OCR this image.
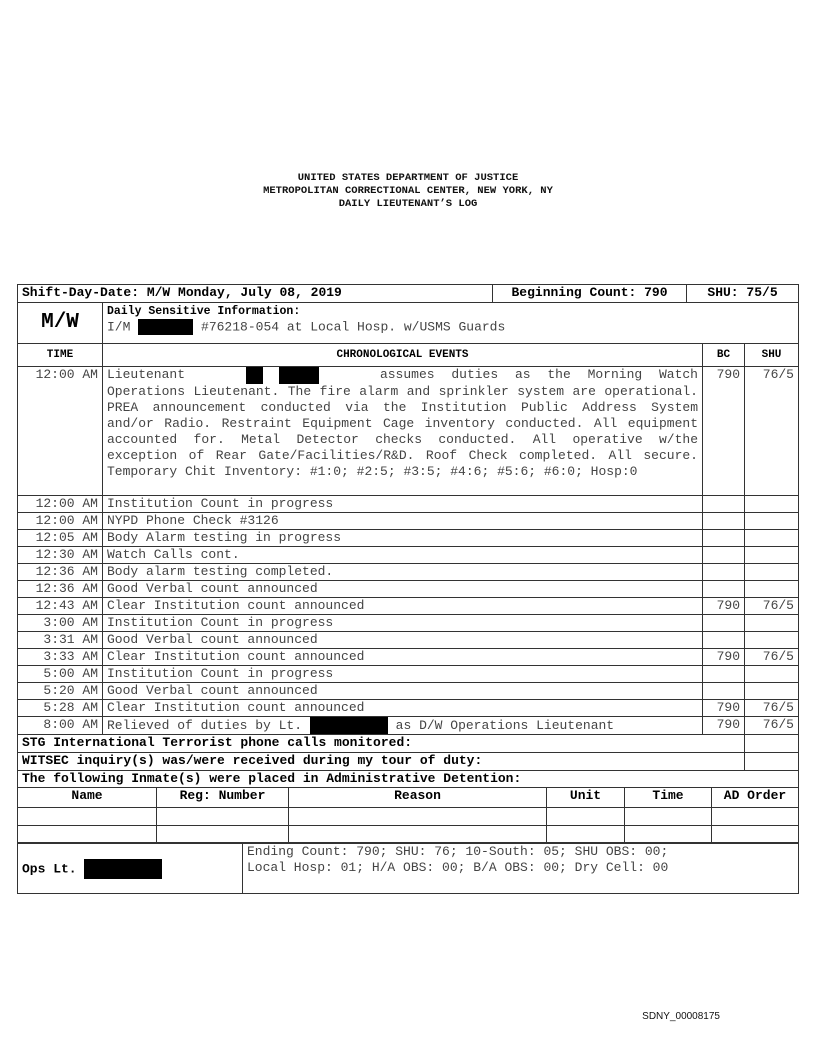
UNITED STATES DEPARTMENT OF JUSTICE
METROPOLITAN CORRECTIONAL CENTER, NEW YORK, NY
DAILY LIEUTENANT’S LOG
Shift-Day-Date: M/W Monday, July 08, 2019		Beginning Count: 790	SHU: 75/5
M/W	Daily Sensitive Information:
I/M #76218-054 at Local Hosp. w/USMS Guards		
TIME	CHRONOLOGICAL EVENTS	BC	SHU
12:00 AM	Lieutenant
assumes duties as the Morning Watch
Operations Lieutenant. The fire alarm and sprinkler system are operational. PREA announcement conducted via the Institution Public Address System and/or Radio. Restraint Equipment Cage inventory conducted. All equipment accounted for. Metal Detector checks conducted. All operative w/the exception of Rear Gate/Facilities/R&D. Roof Check completed. All secure. Temporary Chit Inventory: #1:0; #2:5; #3:5; #4:6; #5:6; #6:0; Hosp:0	790	76/5
12:00 AM	Institution Count in progress		
12:00 AM	NYPD Phone Check #3126		
12:05 AM	Body Alarm testing in progress		
12:30 AM	Watch Calls cont.		
12:36 AM	Body alarm testing completed.		
12:36 AM	Good Verbal count announced		
12:43 AM	Clear Institution count announced	790	76/5
3:00 AM	Institution Count in progress		
3:31 AM	Good Verbal count announced		
3:33 AM	Clear Institution count announced	790	76/5
5:00 AM	Institution Count in progress		
5:20 AM	Good Verbal count announced		
5:28 AM	Clear Institution count announced	790	76/5
8:00 AM	Relieved of duties by Lt. as D/W Operations Lieutenant	790	76/5
STG International Terrorist phone calls monitored:			
WITSEC inquiry(s) was/were received during my tour of duty:			
The following Inmate(s) were placed in Administrative Detention:			
Name	Reg: Number	Reason	Unit	Time	AD Order

Ops Lt.	
Ending Count: 790; SHU: 76; 10-South: 05; SHU OBS: 00;
Local Hosp: 01; H/A OBS: 00; B/A OBS: 00; Dry Cell: 00
SDNY_00008175
